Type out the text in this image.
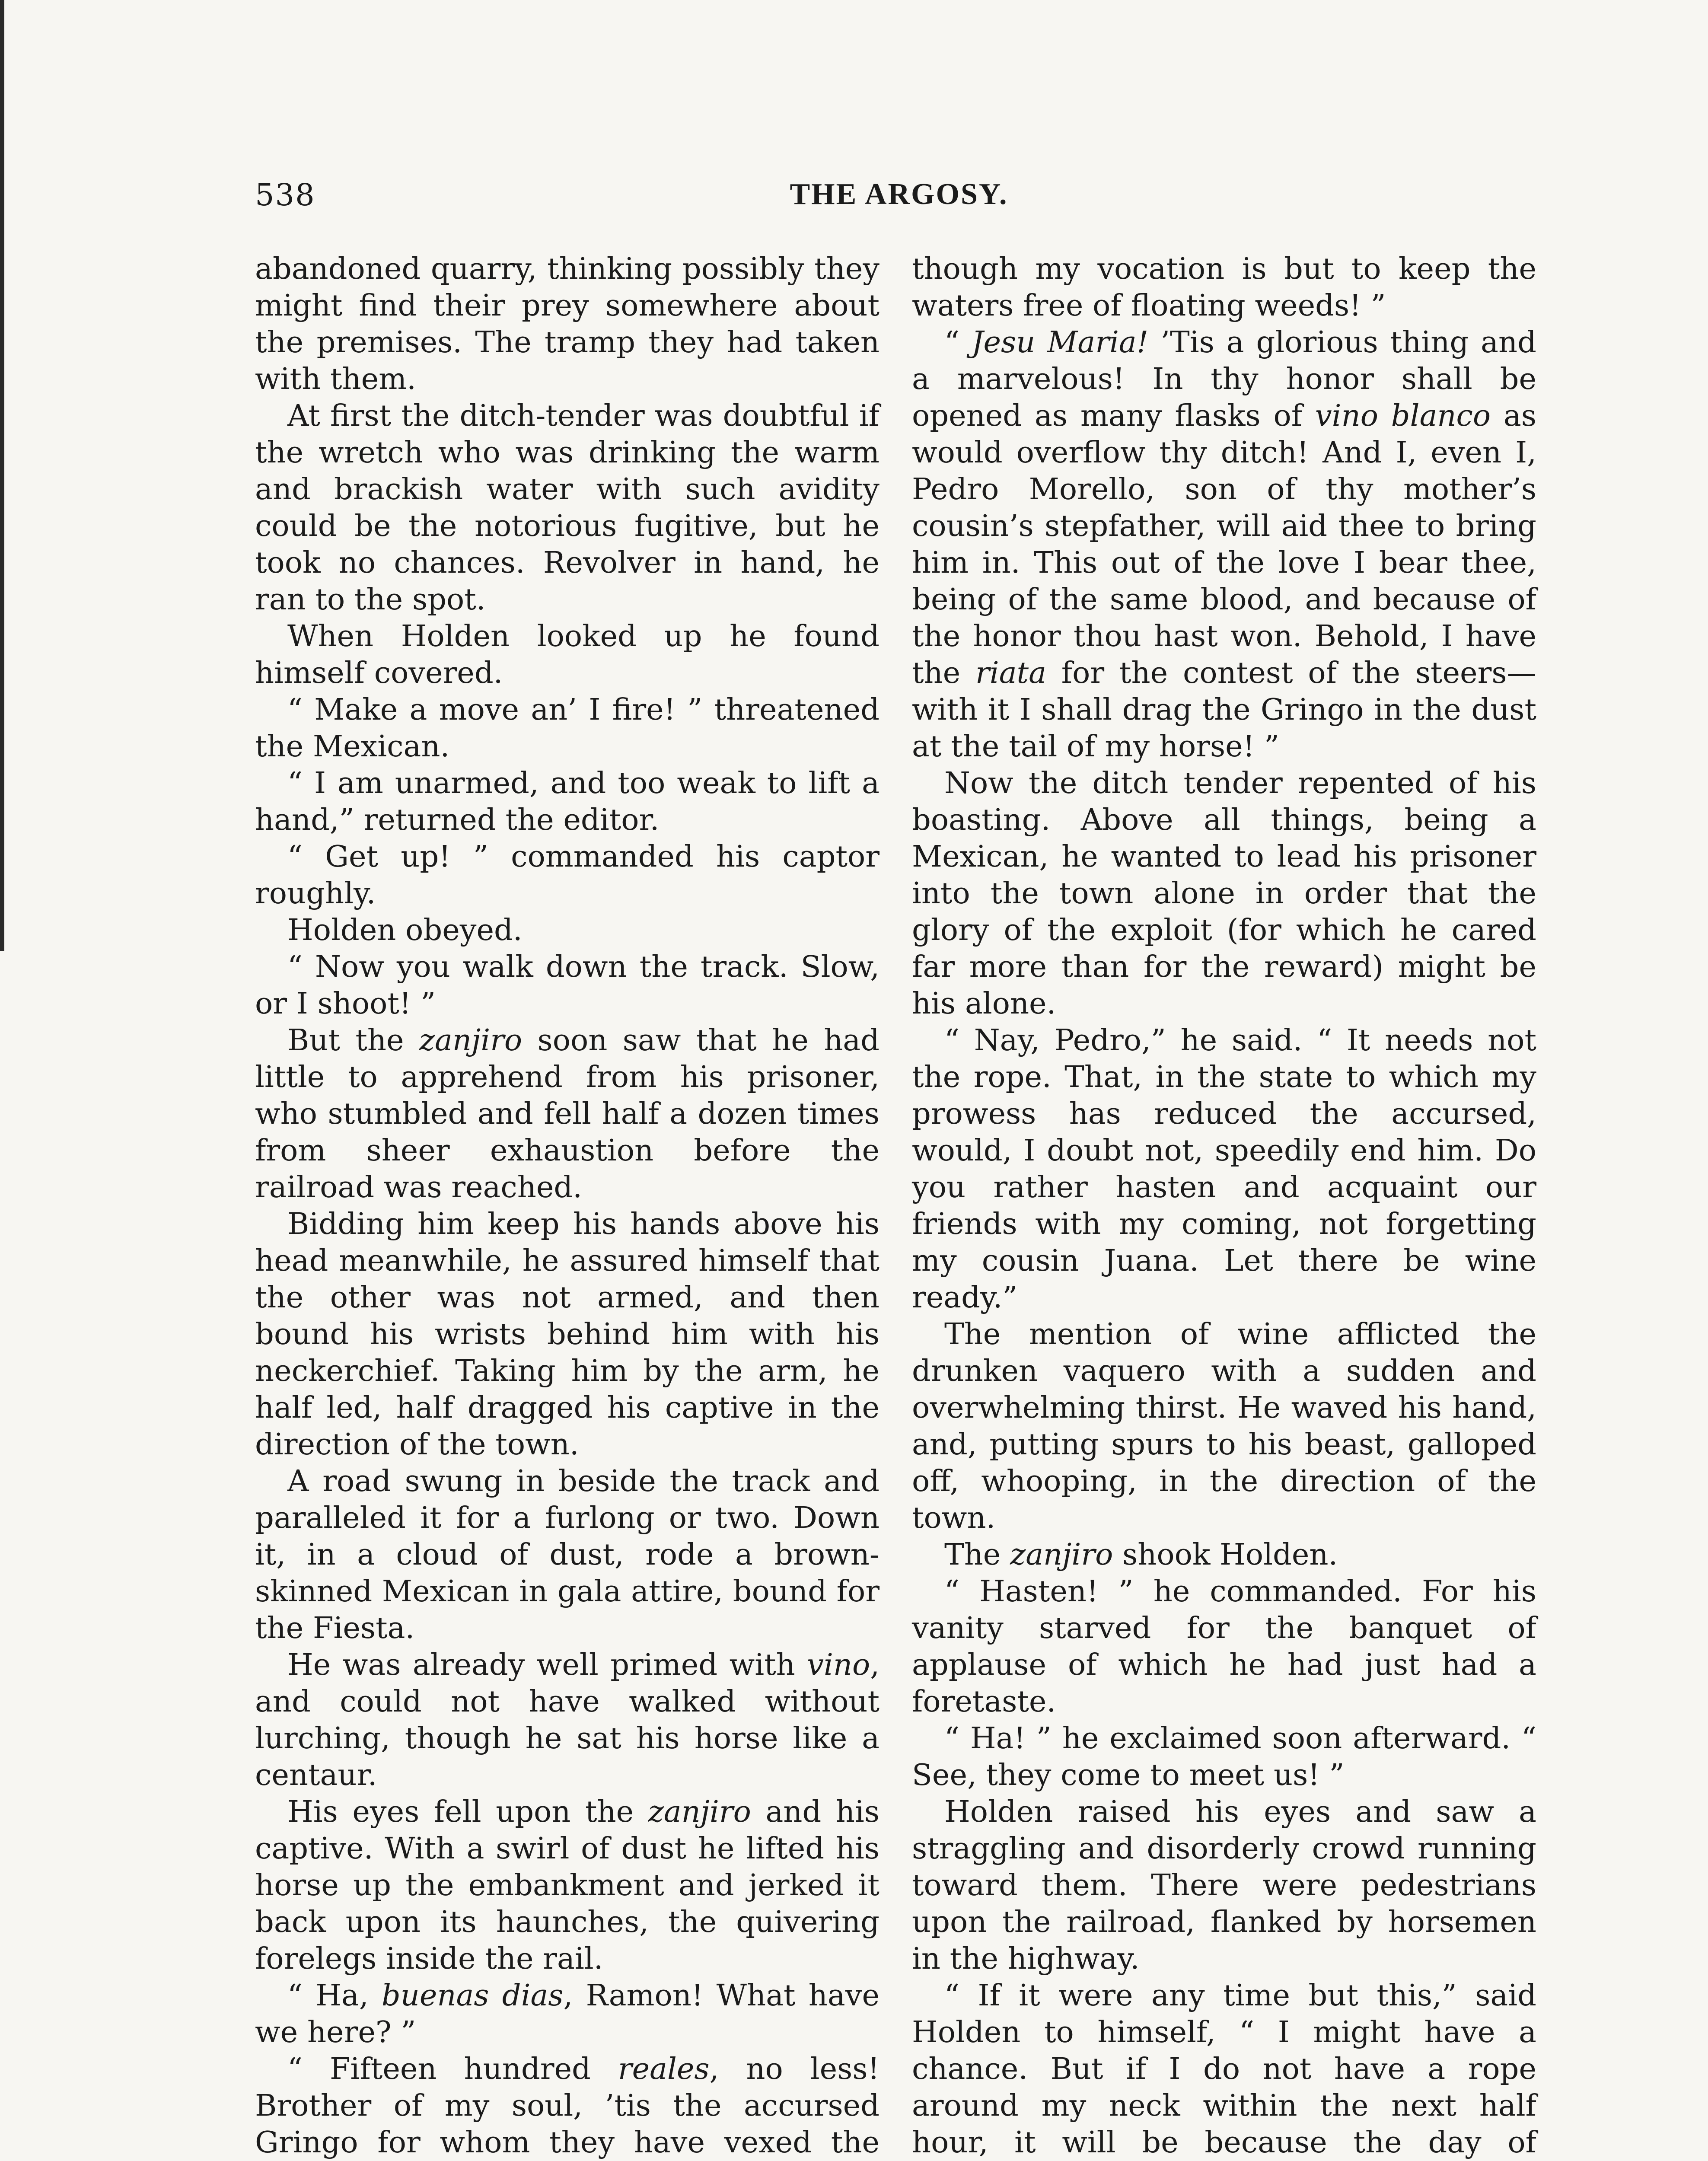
538	THE ARGOSY.

abandoned quarry, thinking possibly they might find their prey somewhere about the premises. The tramp they had taken with them.

At first the ditch-tender was doubtful if the wretch who was drinking the warm and brackish water with such avidity could be the notorious fugitive, but he took no chances. Revolver in hand, he ran to the spot.

When Holden looked up he found himself covered.

“ Make a move an’ I fire! ” threatened the Mexican.

“ I am unarmed, and too weak to lift a hand,” returned the editor.

“ Get up! ” commanded his captor roughly.

Holden obeyed.

“ Now you walk down the track. Slow, or I shoot! ”

But the zanjiro soon saw that he had little to apprehend from his prisoner, who stumbled and fell half a dozen times from sheer exhaustion before the railroad was reached.

Bidding him keep his hands above his head meanwhile, he assured himself that the other was not armed, and then bound his wrists behind him with his neckerchief. Taking him by the arm, he half led, half dragged his captive in the direction of the town.

A road swung in beside the track and paralleled it for a furlong or two. Down it, in a cloud of dust, rode a brown-skinned Mexican in gala attire, bound for the Fiesta.

He was already well primed with vino, and could not have walked without lurching, though he sat his horse like a centaur.

His eyes fell upon the zanjiro and his captive. With a swirl of dust he lifted his horse up the embankment and jerked it back upon its haunches, the quivering forelegs inside the rail.

“ Ha, buenas dias, Ramon! What have we here? ”

“ Fifteen hundred reales, no less! Brother of my soul, ’tis the accursed Gringo for whom they have vexed the

though my vocation is but to keep the waters free of floating weeds! ”

“ Jesu Maria! ’Tis a glorious thing and a marvelous! In thy honor shall be opened as many flasks of vino blanco as would overflow thy ditch! And I, even I, Pedro Morello, son of thy mother’s cousin’s stepfather, will aid thee to bring him in. This out of the love I bear thee, being of the same blood, and because of the honor thou hast won. Behold, I have the riata for the contest of the steers—with it I shall drag the Gringo in the dust at the tail of my horse! ”

Now the ditch tender repented of his boasting. Above all things, being a Mexican, he wanted to lead his prisoner into the town alone in order that the glory of the exploit (for which he cared far more than for the reward) might be his alone.

“ Nay, Pedro,” he said. “ It needs not the rope. That, in the state to which my prowess has reduced the accursed, would, I doubt not, speedily end him. Do you rather hasten and acquaint our friends with my coming, not forgetting my cousin Juana. Let there be wine ready.”

The mention of wine afflicted the drunken vaquero with a sudden and overwhelming thirst. He waved his hand, and, putting spurs to his beast, galloped off, whooping, in the direction of the town.

The zanjiro shook Holden.

“ Hasten! ” he commanded. For his vanity starved for the banquet of applause of which he had just had a foretaste.

“ Ha! ” he exclaimed soon afterward. “ See, they come to meet us! ”

Holden raised his eyes and saw a straggling and disorderly crowd running toward them. There were pedestrians upon the railroad, flanked by horsemen in the highway.

“ If it were any time but this,” said Holden to himself, “ I might have a chance. But if I do not have a rope around my neck within the next half hour, it will be because the day of
